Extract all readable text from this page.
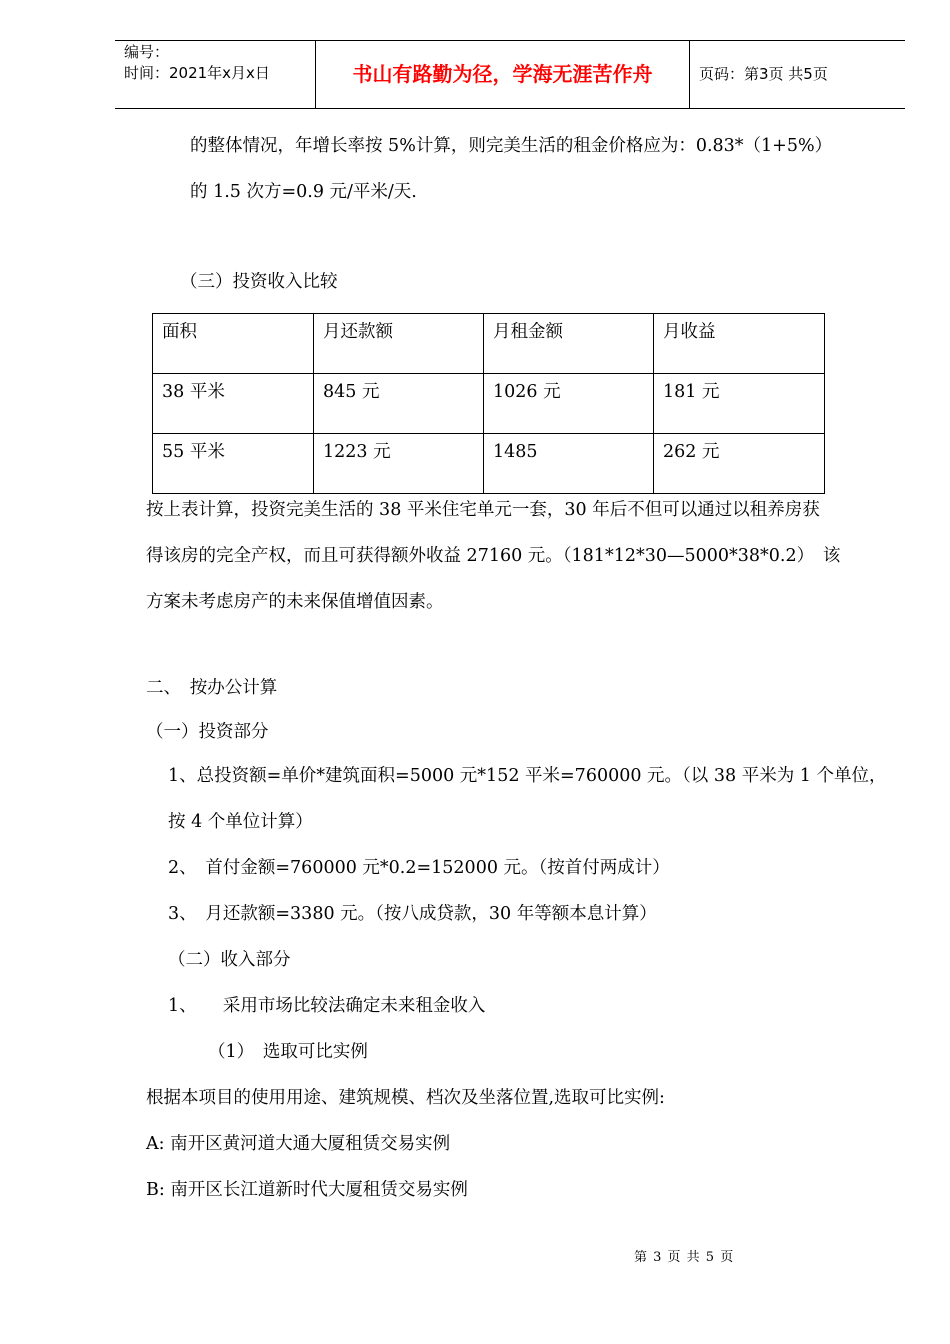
编号：
时间：2021年x月x日	书山有路勤为径，学海无涯苦作舟	页码：第3页 共5页
的整体情况，年增长率按 5%计算，则完美生活的租金价格应为：0.83*（1+5%）
的 1.5 次方=0.9 元/平米/天.
（三）投资收入比较
面积	月还款额	月租金额	月收益
38 平米	845 元	1026 元	181 元
55 平米	1223 元	1485	262 元
按上表计算，投资完美生活的 38 平米住宅单元一套，30 年后不但可以通过以租养房获
得该房的完全产权，而且可获得额外收益 27160 元。（181*12*30—5000*38*0.2）　该
方案未考虑房产的未来保值增值因素。
二、　按办公计算
（一）投资部分
1、总投资额=单价*建筑面积=5000 元*152 平米=760000 元。（以 38 平米为 1 个单位，
按 4 个单位计算）
2、　首付金额=760000 元*0.2=152000 元。（按首付两成计）
3、　月还款额=3380 元。（按八成贷款，30 年等额本息计算）
（二）收入部分
1、　　采用市场比较法确定未来租金收入
（1）　选取可比实例
根据本项目的使用用途、建筑规模、档次及坐落位置,选取可比实例:
A: 南开区黄河道大通大厦租赁交易实例
B: 南开区长江道新时代大厦租赁交易实例
第 3 页 共 5 页
